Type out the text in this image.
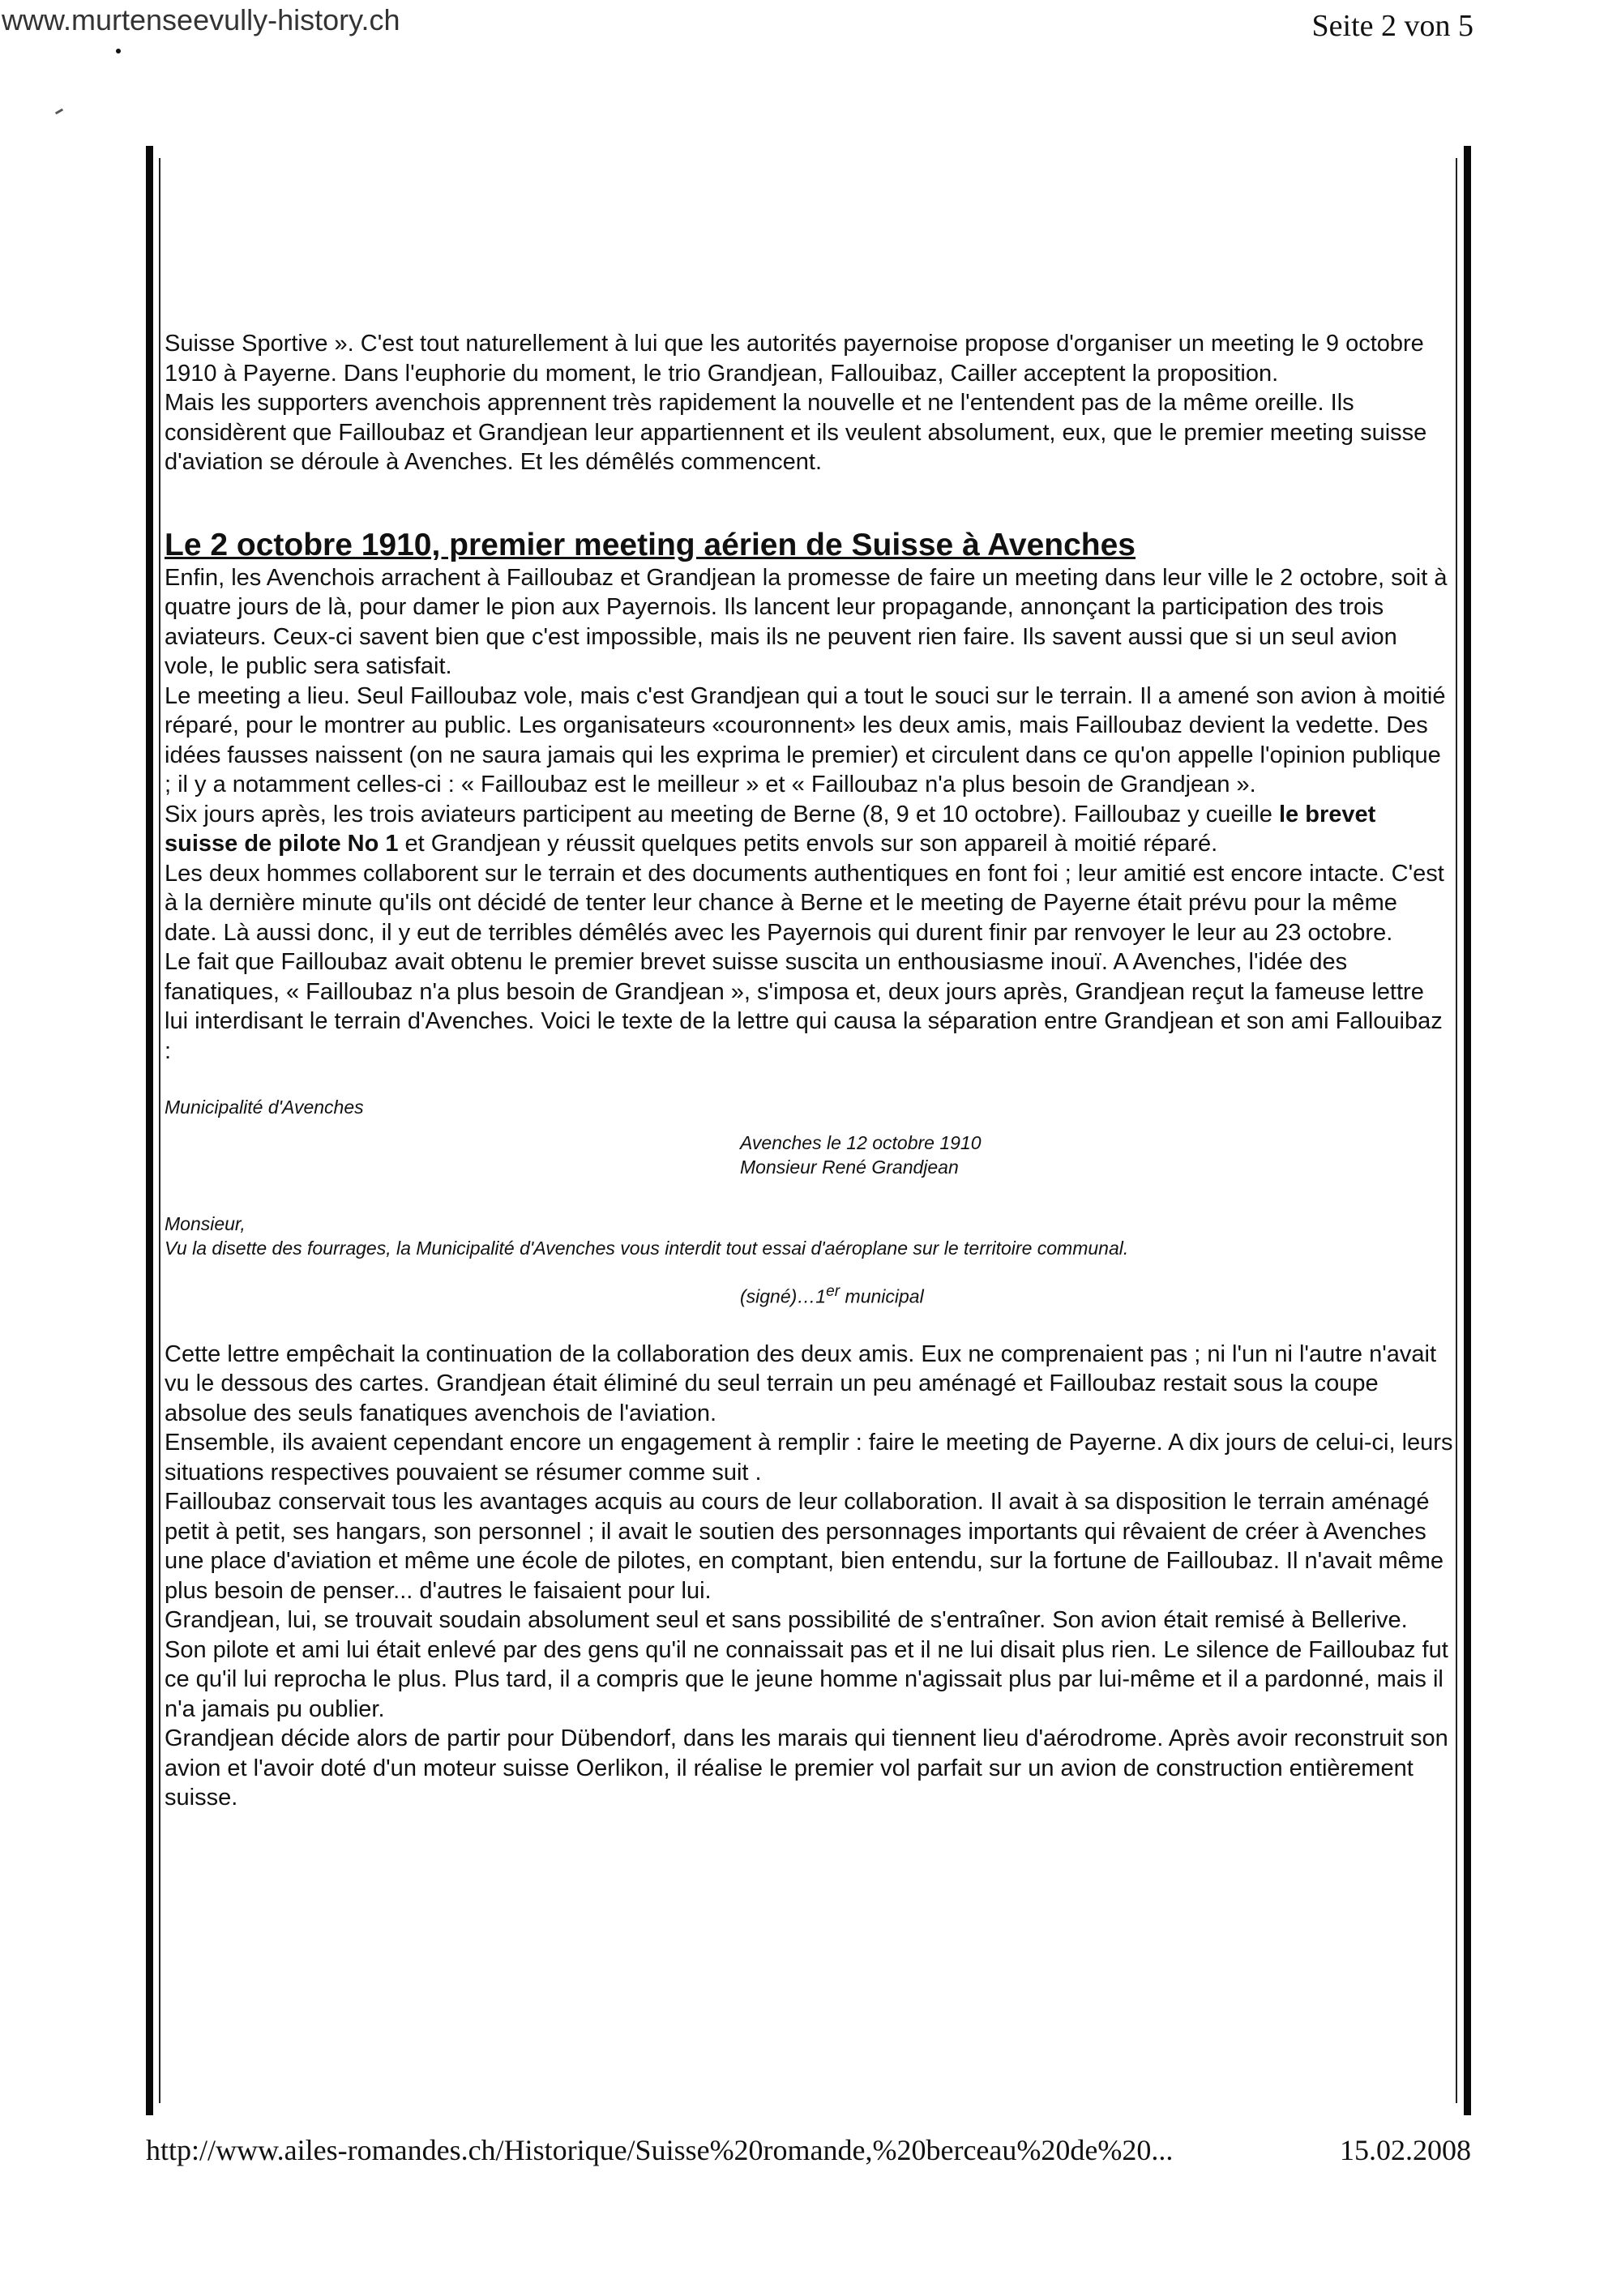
www.murtenseevully-history.ch	Seite 2 von 5

Suisse Sportive ». C'est tout naturellement à lui que les autorités payernoise propose d'organiser un meeting le 9 octobre 1910 à Payerne. Dans l'euphorie du moment, le trio Grandjean, Fallouibaz, Cailler acceptent la proposition.

Mais les supporters avenchois apprennent très rapidement la nouvelle et ne l'entendent pas de la même oreille. Ils considèrent que Failloubaz et Grandjean leur appartiennent et ils veulent absolument, eux, que le premier meeting suisse d'aviation se déroule à Avenches. Et les démêlés commencent.

Le 2 octobre 1910, premier meeting aérien de Suisse à Avenches

Enfin, les Avenchois arrachent à Failloubaz et Grandjean la promesse de faire un meeting dans leur ville le 2 octobre, soit à quatre jours de là, pour damer le pion aux Payernois. Ils lancent leur propagande, annonçant la participation des trois aviateurs. Ceux-ci savent bien que c'est impossible, mais ils ne peuvent rien faire. Ils savent aussi que si un seul avion vole, le public sera satisfait.

Le meeting a lieu. Seul Failloubaz vole, mais c'est Grandjean qui a tout le souci sur le terrain. Il a amené son avion à moitié réparé, pour le montrer au public. Les organisateurs «couronnent» les deux amis, mais Failloubaz devient la vedette. Des idées fausses naissent (on ne saura jamais qui les exprima le premier) et circulent dans ce qu'on appelle l'opinion publique ; il y a notamment celles-ci : « Failloubaz est le meilleur » et « Failloubaz n'a plus besoin de Grandjean ».

Six jours après, les trois aviateurs participent au meeting de Berne (8, 9 et 10 octobre). Failloubaz y cueille le brevet suisse de pilote No 1 et Grandjean y réussit quelques petits envols sur son appareil à moitié réparé.

Les deux hommes collaborent sur le terrain et des documents authentiques en font foi ; leur amitié est encore intacte. C'est à la dernière minute qu'ils ont décidé de tenter leur chance à Berne et le meeting de Payerne était prévu pour la même date. Là aussi donc, il y eut de terribles démêlés avec les Payernois qui durent finir par renvoyer le leur au 23 octobre.

Le fait que Failloubaz avait obtenu le premier brevet suisse suscita un enthousiasme inouï. A Avenches, l'idée des fanatiques, « Failloubaz n'a plus besoin de Grandjean », s'imposa et, deux jours après, Grandjean reçut la fameuse lettre lui interdisant le terrain d'Avenches. Voici le texte de la lettre qui causa la séparation entre Grandjean et son ami Fallouibaz :

Municipalité d'Avenches

Avenches le 12 octobre 1910

Monsieur René Grandjean

Monsieur,

Vu la disette des fourrages, la Municipalité d'Avenches vous interdit tout essai d'aéroplane sur le territoire communal.

(signé)…1er municipal

Cette lettre empêchait la continuation de la collaboration des deux amis. Eux ne comprenaient pas ; ni l'un ni l'autre n'avait vu le dessous des cartes. Grandjean était éliminé du seul terrain un peu aménagé et Failloubaz restait sous la coupe absolue des seuls fanatiques avenchois de l'aviation.

Ensemble, ils avaient cependant encore un engagement à remplir : faire le meeting de Payerne. A dix jours de celui-ci, leurs situations respectives pouvaient se résumer comme suit .

Failloubaz conservait tous les avantages acquis au cours de leur collaboration. Il avait à sa disposition le terrain aménagé petit à petit, ses hangars, son personnel ; il avait le soutien des personnages importants qui rêvaient de créer à Avenches une place d'aviation et même une école de pilotes, en comptant, bien entendu, sur la fortune de Failloubaz. Il n'avait même plus besoin de penser... d'autres le faisaient pour lui.

Grandjean, lui, se trouvait soudain absolument seul et sans possibilité de s'entraîner. Son avion était remisé à Bellerive. Son pilote et ami lui était enlevé par des gens qu'il ne connaissait pas et il ne lui disait plus rien. Le silence de Failloubaz fut ce qu'il lui reprocha le plus. Plus tard, il a compris que le jeune homme n'agissait plus par lui-même et il a pardonné, mais il n'a jamais pu oublier.

Grandjean décide alors de partir pour Dübendorf, dans les marais qui tiennent lieu d'aérodrome. Après avoir reconstruit son avion et l'avoir doté d'un moteur suisse Oerlikon, il réalise le premier vol parfait sur un avion de construction entièrement suisse.

http://www.ailes-romandes.ch/Historique/Suisse%20romande,%20berceau%20de%20...	15.02.2008
